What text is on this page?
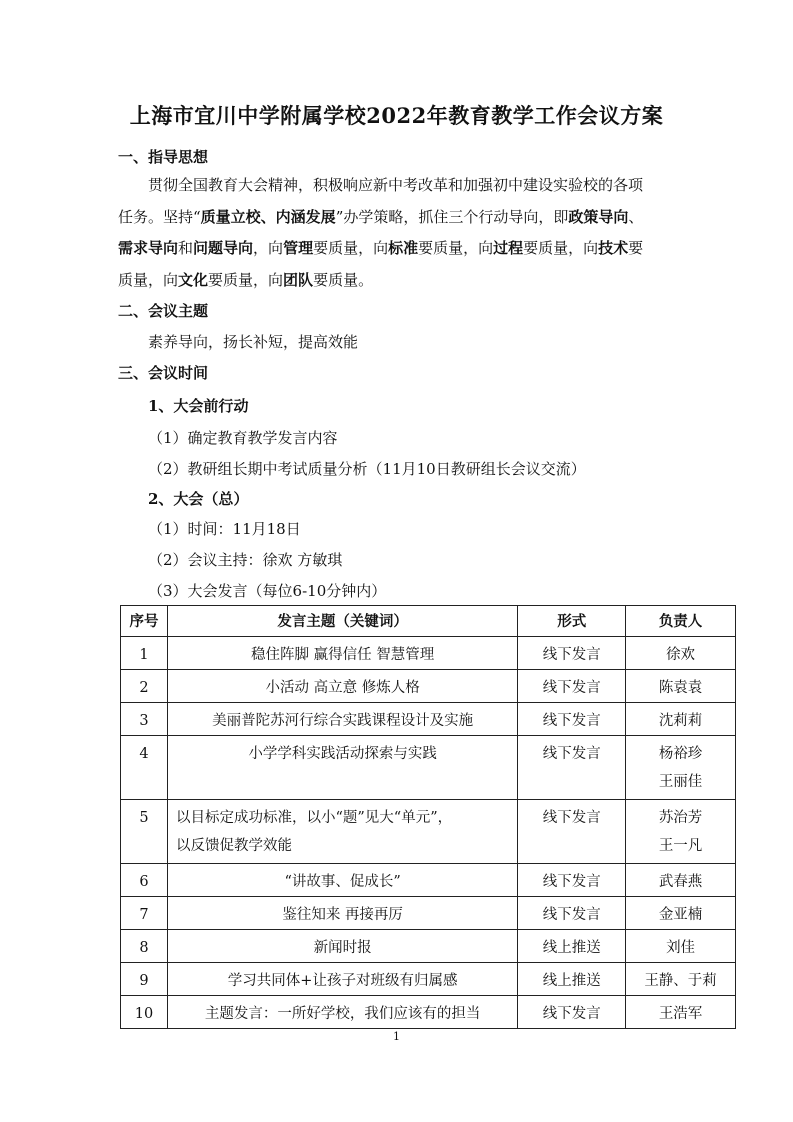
上海市宜川中学附属学校2022年教育教学工作会议方案
一、指导思想
贯彻全国教育大会精神，积极响应新中考改革和加强初中建设实验校的各项
任务。坚持“质量立校、内涵发展”办学策略，抓住三个行动导向，即政策导向、
需求导向和问题导向，向管理要质量，向标准要质量，向过程要质量，向技术要
质量，向文化要质量，向团队要质量。
二、会议主题
素养导向，扬长补短，提高效能
三、会议时间
1、大会前行动
（1）确定教育教学发言内容
（2）教研组长期中考试质量分析（11月10日教研组长会议交流）
2、大会（总）
（1）时间：11月18日
（2）会议主持：徐欢 方敏琪
（3）大会发言（每位6-10分钟内）
序号	发言主题（关键词）	形式	负责人
1	稳住阵脚 赢得信任 智慧管理	线下发言	徐欢
2	小活动 高立意 修炼人格	线下发言	陈袁袁
3	美丽普陀苏河行综合实践课程设计及实施	线下发言	沈莉莉
4	小学学科实践活动探索与实践	线下发言	杨裕珍
王丽佳
5	以目标定成功标准，以小“题”见大“单元”，
以反馈促教学效能	线下发言	苏治芳
王一凡
6	“讲故事、促成长”	线下发言	武春燕
7	鉴往知来 再接再厉	线下发言	金亚楠
8	新闻时报	线上推送	刘佳
9	学习共同体+让孩子对班级有归属感	线上推送	王静、于莉
10	主题发言：一所好学校，我们应该有的担当	线下发言	王浩军
1
